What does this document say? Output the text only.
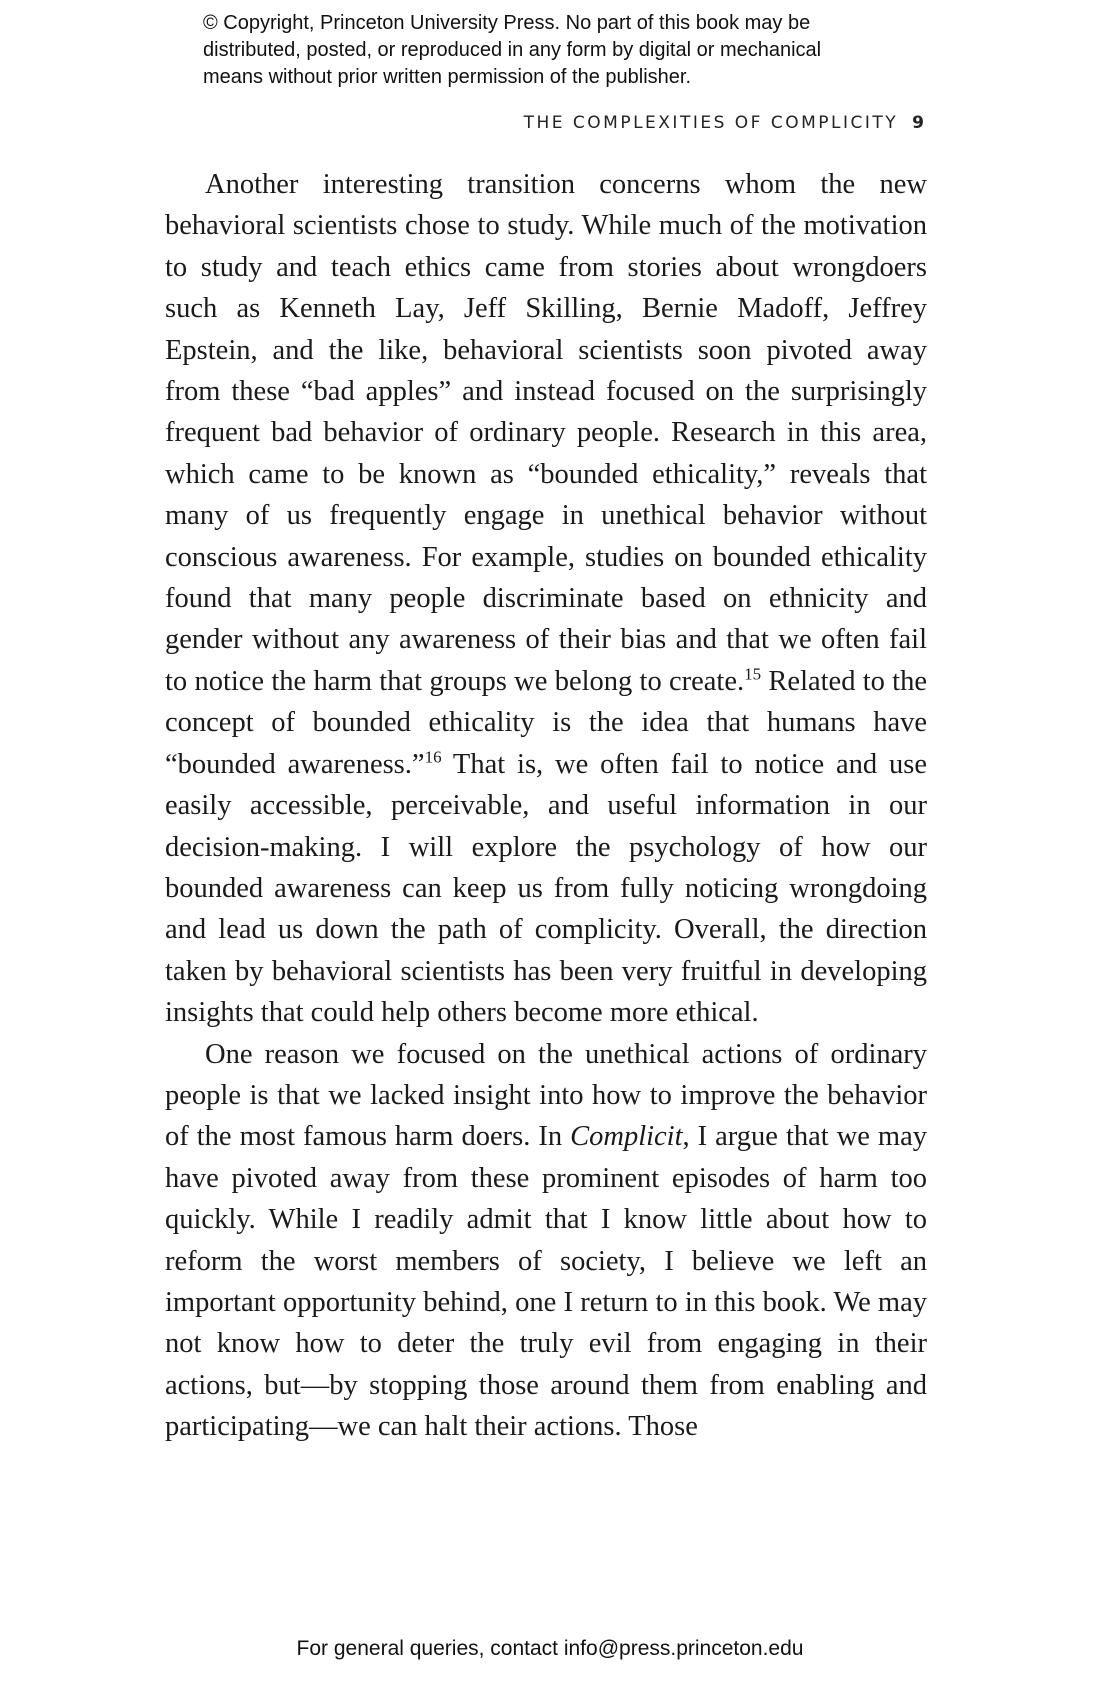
© Copyright, Princeton University Press. No part of this book may be
distributed, posted, or reproduced in any form by digital or mechanical
means without prior written permission of the publisher.
THE COMPLEXITIES OF COMPLICITY 9

Another interesting transition concerns whom the new behavioral scientists chose to study. While much of the motivation to study and teach ethics came from stories about wrongdoers such as Kenneth Lay, Jeff Skilling, Bernie Madoff, Jeffrey Epstein, and the like, behavioral scientists soon pivoted away from these “bad apples” and instead focused on the surprisingly frequent bad behavior of ordinary people. Research in this area, which came to be known as “bounded ethicality,” reveals that many of us frequently engage in unethical behavior without conscious awareness. For example, studies on bounded ethicality found that many people discriminate based on ethnicity and gender without any awareness of their bias and that we often fail to notice the harm that groups we belong to create.$^{15}$ Related to the concept of bounded ethicality is the idea that humans have “bounded awareness.”$^{16}$ That is, we often fail to notice and use easily accessible, perceivable, and useful information in our decision-making. I will explore the psychology of how our bounded awareness can keep us from fully noticing wrongdoing and lead us down the path of complicity. Overall, the direction taken by behavioral scientists has been very fruitful in developing insights that could help others become more ethical.

One reason we focused on the unethical actions of ordinary people is that we lacked insight into how to improve the behavior of the most famous harm doers. In Complicit, I argue that we may have pivoted away from these prominent episodes of harm too quickly. While I readily admit that I know little about how to reform the worst members of society, I believe we left an important opportunity behind, one I return to in this book. We may not know how to deter the truly evil from engaging in their actions, but—by stopping those around them from enabling and participating—we can halt their actions. Those

For general queries, contact info@press.princeton.edu
